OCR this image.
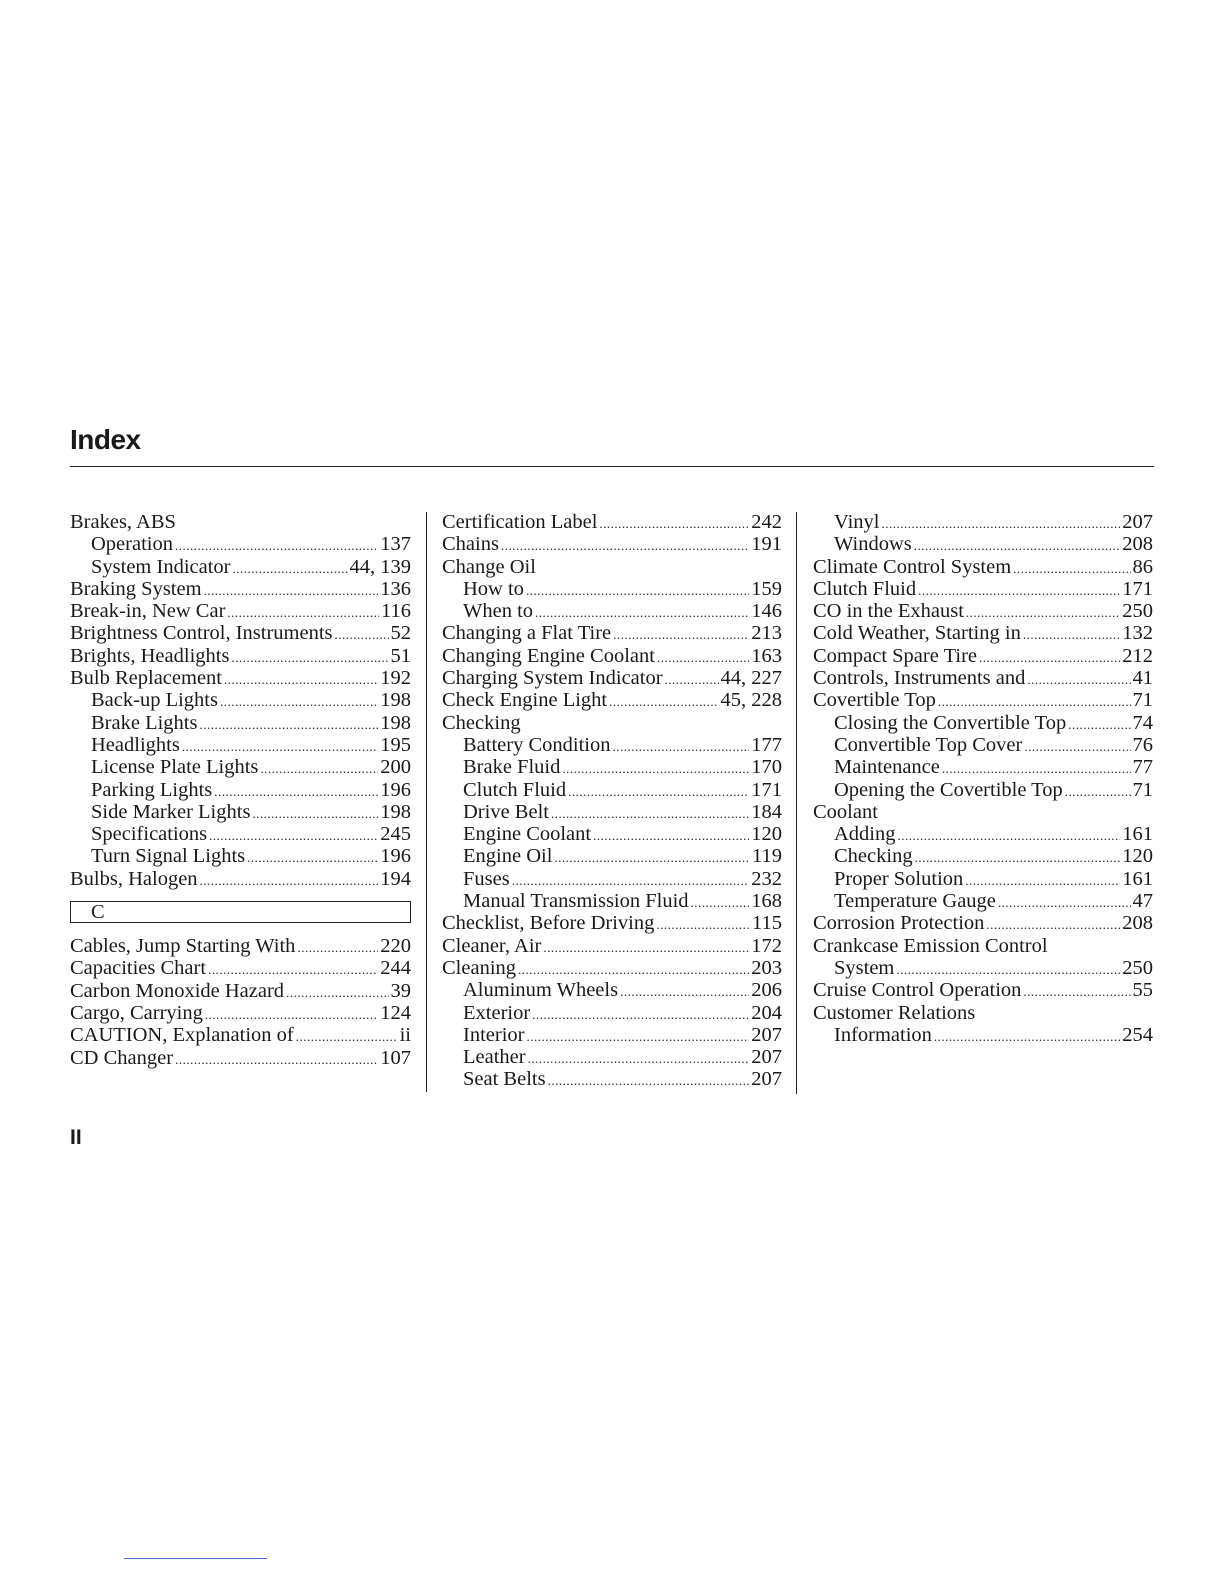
Index
Brakes, ABS
Operation .....	137
System Indicator .....	44, 139
Braking System .....	136
Break-in, New Car .....	116
Brightness Control, Instruments .....	52
Brights, Headlights .....	51
Bulb Replacement .....	192
Back-up Lights .....	198
Brake Lights .....	198
Headlights .....	195
License Plate Lights .....	200
Parking Lights .....	196
Side Marker Lights .....	198
Specifications .....	245
Turn Signal Lights .....	196
Bulbs, Halogen .....	194
C
Cables, Jump Starting With .....	220
Capacities Chart .....	244
Carbon Monoxide Hazard .....	39
Cargo, Carrying .....	124
CAUTION, Explanation of .....	ii
CD Changer .....	107
Certification Label .....	242
Chains .....	191
Change Oil
How to .....	159
When to .....	146
Changing a Flat Tire .....	213
Changing Engine Coolant .....	163
Charging System Indicator .....	44, 227
Check Engine Light .....	45, 228
Checking
Battery Condition .....	177
Brake Fluid .....	170
Clutch Fluid .....	171
Drive Belt .....	184
Engine Coolant .....	120
Engine Oil .....	119
Fuses .....	232
Manual Transmission Fluid .....	168
Checklist, Before Driving .....	115
Cleaner, Air .....	172
Cleaning .....	203
Aluminum Wheels .....	206
Exterior .....	204
Interior .....	207
Leather .....	207
Seat Belts .....	207
Vinyl .....	207
Windows .....	208
Climate Control System .....	86
Clutch Fluid .....	171
CO in the Exhaust .....	250
Cold Weather, Starting in .....	132
Compact Spare Tire .....	212
Controls, Instruments and .....	41
Covertible Top .....	71
Closing the Convertible Top .....	74
Convertible Top Cover .....	76
Maintenance .....	77
Opening the Covertible Top .....	71
Coolant
Adding .....	161
Checking .....	120
Proper Solution .....	161
Temperature Gauge .....	47
Corrosion Protection .....	208
Crankcase Emission Control
System .....	250
Cruise Control Operation .....	55
Customer Relations
Information .....	254
II
